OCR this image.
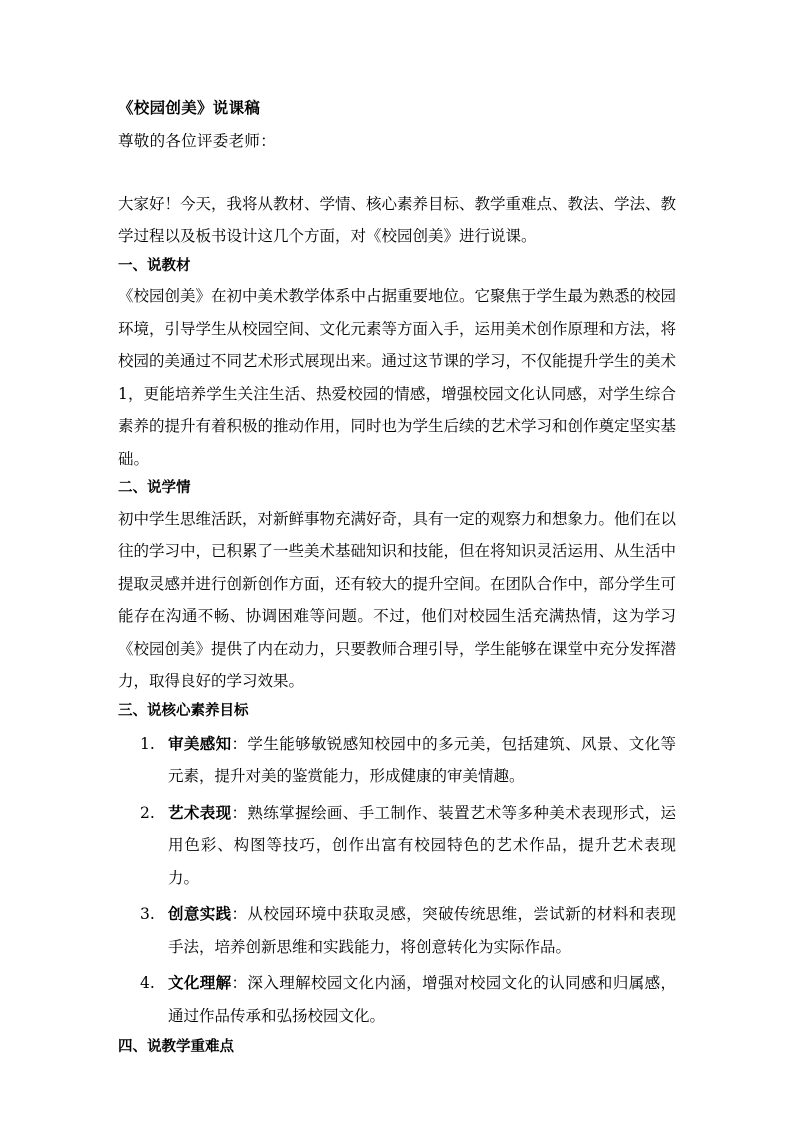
《校园创美》说课稿
尊敬的各位评委老师：
大家好！今天，我将从教材、学情、核心素养目标、教学重难点、教法、学法、教学过程以及板书设计这几个方面，对《校园创美》进行说课。
一、说教材
《校园创美》在初中美术教学体系中占据重要地位。它聚焦于学生最为熟悉的校园环境，引导学生从校园空间、文化元素等方面入手，运用美术创作原理和方法，将校园的美通过不同艺术形式展现出来。通过这节课的学习，不仅能提升学生的美术 1，更能培养学生关注生活、热爱校园的情感，增强校园文化认同感，对学生综合素养的提升有着积极的推动作用，同时也为学生后续的艺术学习和创作奠定坚实基础。
二、说学情
初中学生思维活跃，对新鲜事物充满好奇，具有一定的观察力和想象力。他们在以往的学习中，已积累了一些美术基础知识和技能，但在将知识灵活运用、从生活中提取灵感并进行创新创作方面，还有较大的提升空间。在团队合作中，部分学生可能存在沟通不畅、协调困难等问题。不过，他们对校园生活充满热情，这为学习《校园创美》提供了内在动力，只要教师合理引导，学生能够在课堂中充分发挥潜力，取得良好的学习效果。
三、说核心素养目标
1. 审美感知：学生能够敏锐感知校园中的多元美，包括建筑、风景、文化等元素，提升对美的鉴赏能力，形成健康的审美情趣。
2. 艺术表现：熟练掌握绘画、手工制作、装置艺术等多种美术表现形式，运用色彩、构图等技巧，创作出富有校园特色的艺术作品，提升艺术表现力。
3. 创意实践：从校园环境中获取灵感，突破传统思维，尝试新的材料和表现手法，培养创新思维和实践能力，将创意转化为实际作品。
4. 文化理解：深入理解校园文化内涵，增强对校园文化的认同感和归属感，通过作品传承和弘扬校园文化。
四、说教学重难点
